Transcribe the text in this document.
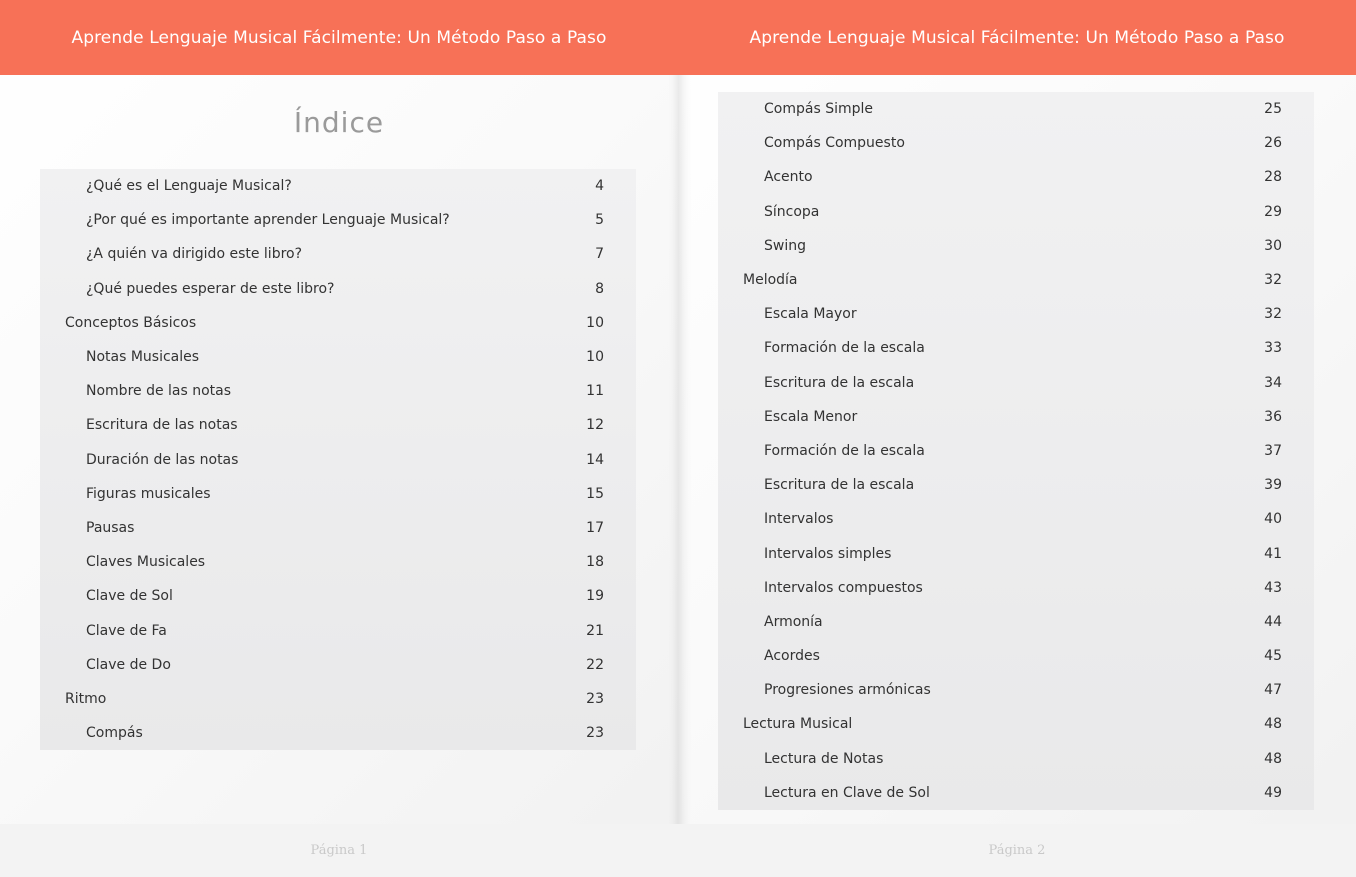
Aprende Lenguaje Musical Fácilmente: Un Método Paso a Paso
Índice
¿Qué es el Lenguaje Musical?	4
¿Por qué es importante aprender Lenguaje Musical?	5
¿A quién va dirigido este libro?	7
¿Qué puedes esperar de este libro?	8
Conceptos Básicos	10
Notas Musicales	10
Nombre de las notas	11
Escritura de las notas	12
Duración de las notas	14
Figuras musicales	15
Pausas	17
Claves Musicales	18
Clave de Sol	19
Clave de Fa	21
Clave de Do	22
Ritmo	23
Compás	23
Página 1
Aprende Lenguaje Musical Fácilmente: Un Método Paso a Paso
Compás Simple	25
Compás Compuesto	26
Acento	28
Síncopa	29
Swing	30
Melodía	32
Escala Mayor	32
Formación de la escala	33
Escritura de la escala	34
Escala Menor	36
Formación de la escala	37
Escritura de la escala	39
Intervalos	40
Intervalos simples	41
Intervalos compuestos	43
Armonía	44
Acordes	45
Progresiones armónicas	47
Lectura Musical	48
Lectura de Notas	48
Lectura en Clave de Sol	49
Página 2
